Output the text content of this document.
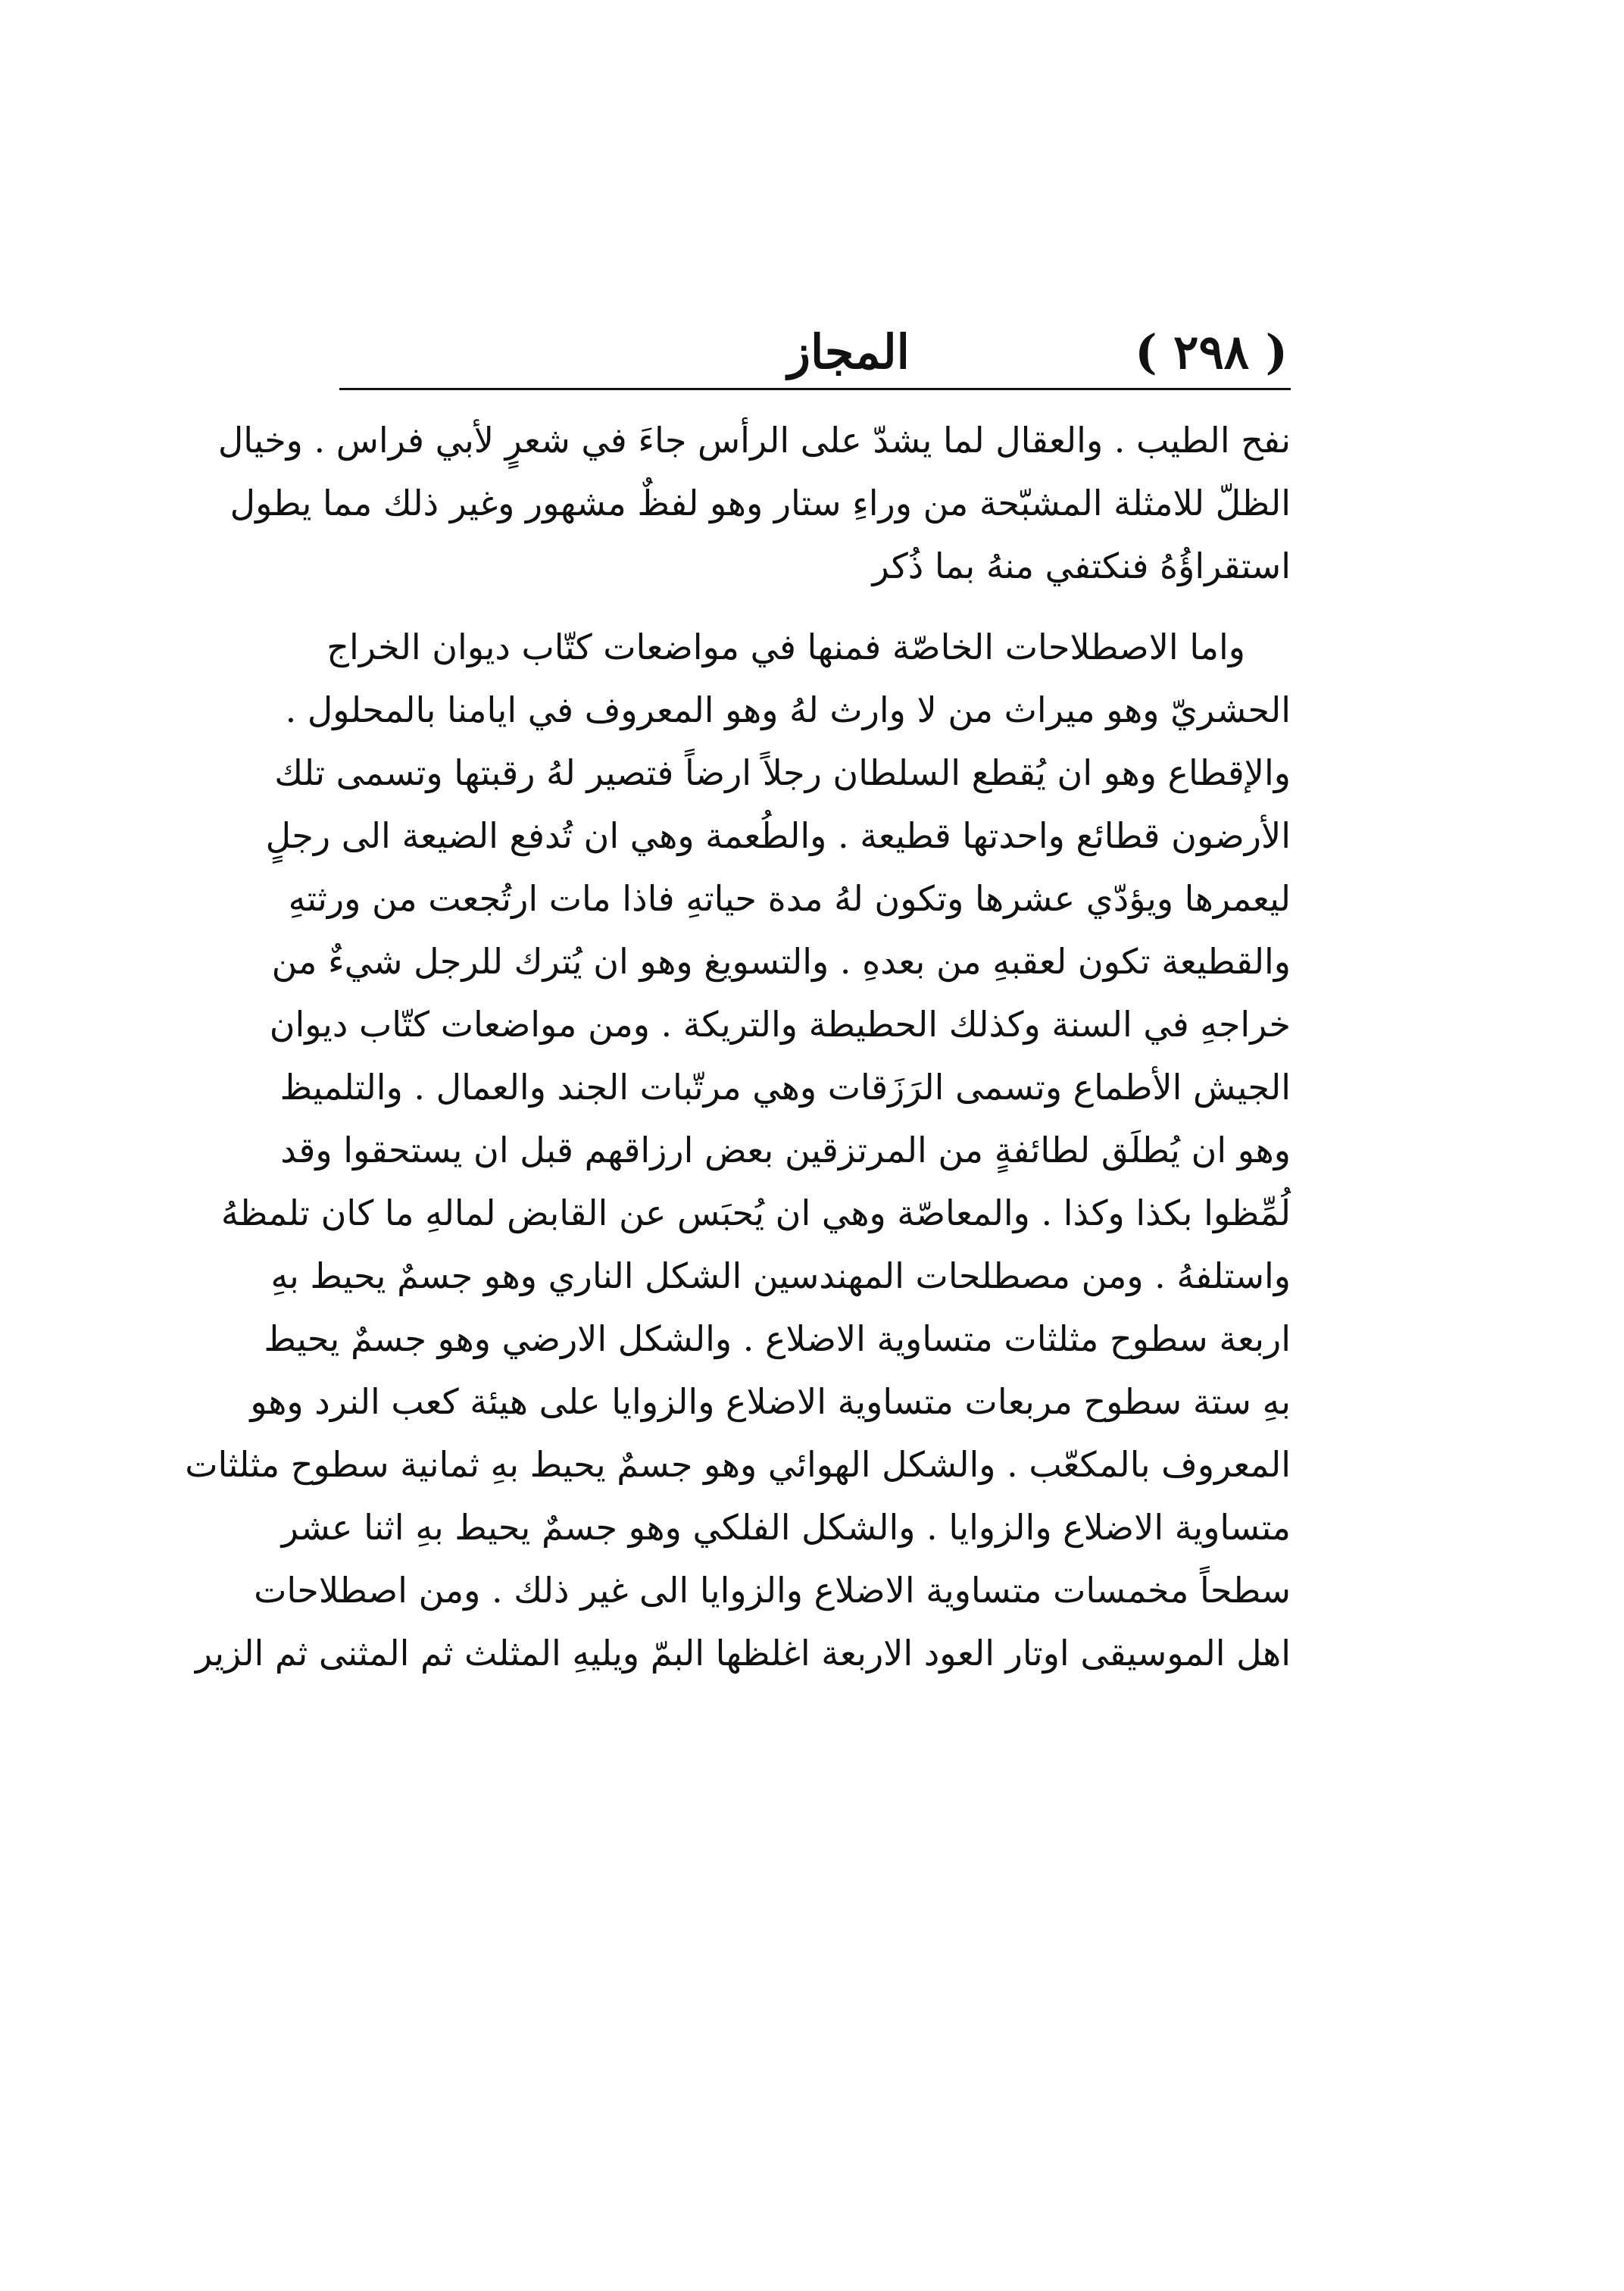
( ٢٩٨ )
المجاز
نفح الطيب . والعقال لما يشدّ على الرأس جاءَ في شعرٍ لأبي فراس . وخيال
الظلّ للامثلة المشبّحة من وراءِ ستار وهو لفظٌ مشهور وغير ذلك مما يطول
استقراؤُهُ فنكتفي منهُ بما ذُكر
واما الاصطلاحات الخاصّة فمنها في مواضعات كتّاب ديوان الخراج
الحشريّ وهو ميراث من لا وارث لهُ وهو المعروف في ايامنا بالمحلول .
والإقطاع وهو ان يُقطع السلطان رجلاً ارضاً فتصير لهُ رقبتها وتسمى تلك
الأرضون قطائع واحدتها قطيعة . والطُعمة وهي ان تُدفع الضيعة الى رجلٍ
ليعمرها ويؤدّي عشرها وتكون لهُ مدة حياتهِ فاذا مات ارتُجعت من ورثتهِ
والقطيعة تكون لعقبهِ من بعدهِ . والتسويغ وهو ان يُترك للرجل شيءٌ من
خراجهِ في السنة وكذلك الحطيطة والتريكة . ومن مواضعات كتّاب ديوان
الجيش الأطماع وتسمى الرَزَقات وهي مرتّبات الجند والعمال . والتلميظ
وهو ان يُطلَق لطائفةٍ من المرتزقين بعض ارزاقهم قبل ان يستحقوا وقد
لُمِّظوا بكذا وكذا . والمعاصّة وهي ان يُحبَس عن القابض لمالهِ ما كان تلمظهُ
واستلفهُ . ومن مصطلحات المهندسين الشكل الناري وهو جسمٌ يحيط بهِ
اربعة سطوح مثلثات متساوية الاضلاع . والشكل الارضي وهو جسمٌ يحيط
بهِ ستة سطوح مربعات متساوية الاضلاع والزوايا على هيئة كعب النرد وهو
المعروف بالمكعّب . والشكل الهوائي وهو جسمٌ يحيط بهِ ثمانية سطوح مثلثات
متساوية الاضلاع والزوايا . والشكل الفلكي وهو جسمٌ يحيط بهِ اثنا عشر
سطحاً مخمسات متساوية الاضلاع والزوايا الى غير ذلك . ومن اصطلاحات
اهل الموسيقى اوتار العود الاربعة اغلظها البمّ ويليهِ المثلث ثم المثنى ثم الزير
